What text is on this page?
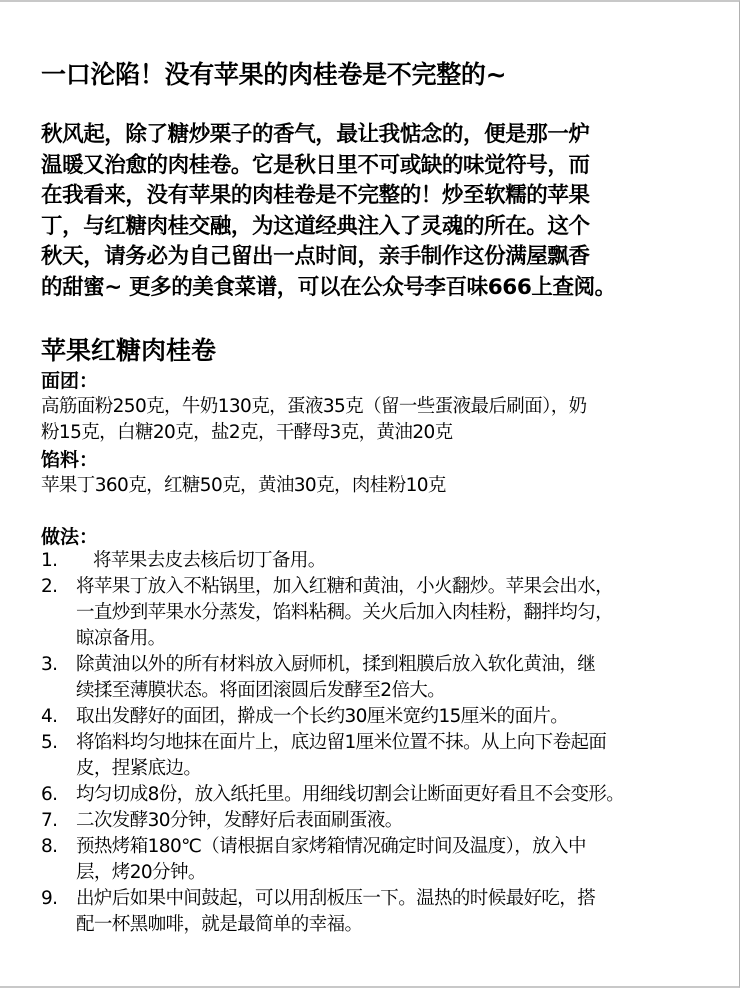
一口沦陷！没有苹果的肉桂卷是不完整的~
秋风起，除了糖炒栗子的香气，最让我惦念的，便是那一炉
温暖又治愈的肉桂卷。它是秋日里不可或缺的味觉符号，而
在我看来，没有苹果的肉桂卷是不完整的！炒至软糯的苹果
丁，与红糖肉桂交融，为这道经典注入了灵魂的所在。这个
秋天，请务必为自己留出一点时间，亲手制作这份满屋飘香
的甜蜜~ 更多的美食菜谱，可以在公众号李百味666上查阅。
苹果红糖肉桂卷
面团：
高筋面粉250克，牛奶130克，蛋液35克（留一些蛋液最后刷面），奶
粉15克，白糖20克，盐2克，干酵母3克，黄油20克
馅料：
苹果丁360克，红糖50克，黄油30克，肉桂粉10克
做法：
1.	将苹果去皮去核后切丁备用。
2.	将苹果丁放入不粘锅里，加入红糖和黄油，小火翻炒。苹果会出水，
一直炒到苹果水分蒸发，馅料粘稠。关火后加入肉桂粉，翻拌均匀，
晾凉备用。
3.	除黄油以外的所有材料放入厨师机，揉到粗膜后放入软化黄油，继
续揉至薄膜状态。将面团滚圆后发酵至2倍大。
4.	取出发酵好的面团，擀成一个长约30厘米宽约15厘米的面片。
5.	将馅料均匀地抹在面片上，底边留1厘米位置不抹。从上向下卷起面
皮，捏紧底边。
6.	均匀切成8份，放入纸托里。用细线切割会让断面更好看且不会变形。
7.	二次发酵30分钟，发酵好后表面刷蛋液。
8.	预热烤箱180℃（请根据自家烤箱情况确定时间及温度），放入中
层，烤20分钟。
9.	出炉后如果中间鼓起，可以用刮板压一下。温热的时候最好吃，搭
配一杯黑咖啡，就是最简单的幸福。
